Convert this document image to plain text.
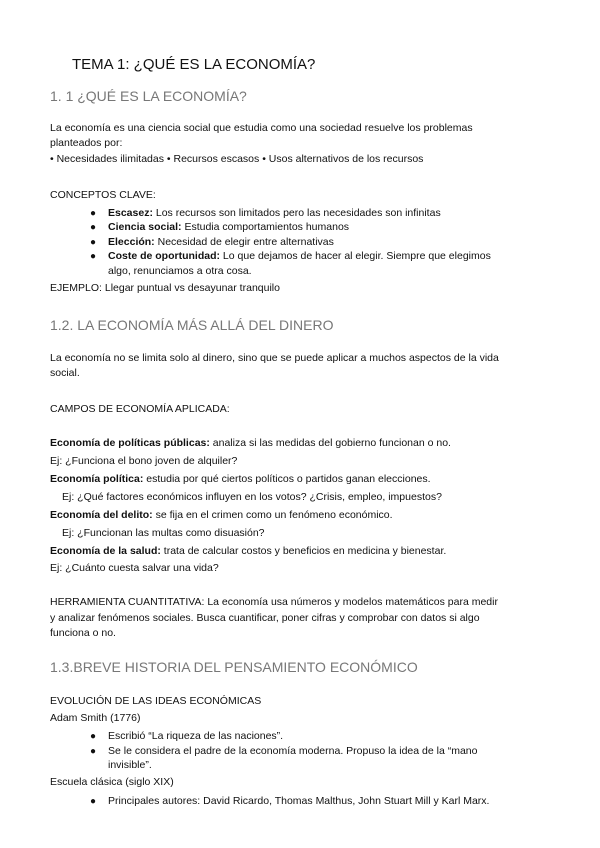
TEMA 1: ¿QUÉ ES LA ECONOMÍA?
1. 1 ¿QUÉ ES LA ECONOMÍA?
La economía es una ciencia social que estudia como una sociedad resuelve los problemas
planteados por:
• Necesidades ilimitadas • Recursos escasos • Usos alternativos de los recursos
CONCEPTOS CLAVE:
● Escasez: Los recursos son limitados pero las necesidades son infinitas
● Ciencia social: Estudia comportamientos humanos
● Elección: Necesidad de elegir entre alternativas
● Coste de oportunidad: Lo que dejamos de hacer al elegir. Siempre que elegimos
algo, renunciamos a otra cosa.
EJEMPLO: Llegar puntual vs desayunar tranquilo
1.2. LA ECONOMÍA MÁS ALLÁ DEL DINERO
La economía no se limita solo al dinero, sino que se puede aplicar a muchos aspectos de la vida
social.
CAMPOS DE ECONOMÍA APLICADA:
Economía de políticas públicas: analiza si las medidas del gobierno funcionan o no.
Ej: ¿Funciona el bono joven de alquiler?
Economía política: estudia por qué ciertos políticos o partidos ganan elecciones.
Ej: ¿Qué factores económicos influyen en los votos? ¿Crisis, empleo, impuestos?
Economía del delito: se fija en el crimen como un fenómeno económico.
Ej: ¿Funcionan las multas como disuasión?
Economía de la salud: trata de calcular costos y beneficios en medicina y bienestar.
Ej: ¿Cuánto cuesta salvar una vida?
HERRAMIENTA CUANTITATIVA: La economía usa números y modelos matemáticos para medir
y analizar fenómenos sociales. Busca cuantificar, poner cifras y comprobar con datos si algo
funciona o no.
1.3.BREVE HISTORIA DEL PENSAMIENTO ECONÓMICO
EVOLUCIÓN DE LAS IDEAS ECONÓMICAS
Adam Smith (1776)
● Escribió “La riqueza de las naciones”.
● Se le considera el padre de la economía moderna. Propuso la idea de la “mano
invisible”.
Escuela clásica (siglo XIX)
● Principales autores: David Ricardo, Thomas Malthus, John Stuart Mill y Karl Marx.
